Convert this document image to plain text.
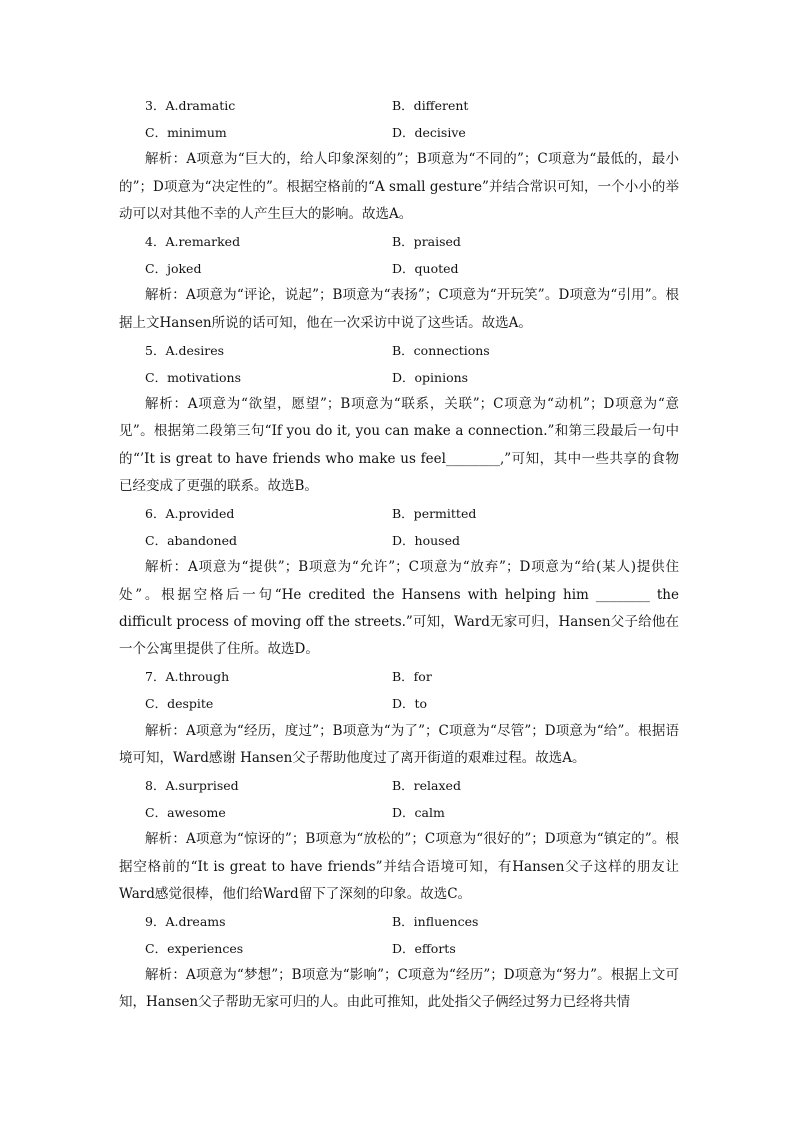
3．A.dramatic	B．different
C．minimum	D．decisive
解析：A项意为“巨大的，给人印象深刻的”；B项意为“不同的”；C项意为“最低的，最小的”；D项意为“决定性的”。根据空格前的“A small gesture”并结合常识可知，一个小小的举动可以对其他不幸的人产生巨大的影响。故选A。
4．A.remarked	B．praised
C．joked	D．quoted
解析：A项意为“评论，说起”；B项意为“表扬”；C项意为“开玩笑”。D项意为“引用”。根据上文Hansen所说的话可知，他在一次采访中说了这些话。故选A。
5．A.desires	B．connections
C．motivations	D．opinions
解析：A项意为“欲望，愿望”；B项意为“联系，关联”；C项意为“动机”；D项意为“意见”。根据第二段第三句“If you do it, you can make a connection.”和第三段最后一句中的“’It is great to have friends who make us feel________,”可知，其中一些共享的食物已经变成了更强的联系。故选B。
6．A.provided	B．permitted
C．abandoned	D．housed
解析：A项意为“提供”；B项意为“允许”；C项意为“放弃”；D项意为“给(某人)提供住处”。根据空格后一句“He credited the Hansens with helping him ________ the difficult process of moving off the streets.”可知，Ward无家可归，Hansen父子给他在一个公寓里提供了住所。故选D。
7．A.through	B．for
C．despite	D．to
解析：A项意为“经历，度过”；B项意为“为了”；C项意为“尽管”；D项意为“给”。根据语境可知，Ward感谢 Hansen父子帮助他度过了离开街道的艰难过程。故选A。
8．A.surprised	B．relaxed
C．awesome	D．calm
解析：A项意为“惊讶的”；B项意为“放松的”；C项意为“很好的”；D项意为“镇定的”。根据空格前的“It is great to have friends”并结合语境可知，有Hansen父子这样的朋友让Ward感觉很棒，他们给Ward留下了深刻的印象。故选C。
9．A.dreams	B．influences
C．experiences	D．efforts
解析：A项意为“梦想”；B项意为“影响”；C项意为“经历”；D项意为“努力”。根据上文可知，Hansen父子帮助无家可归的人。由此可推知，此处指父子俩经过努力已经将共情
